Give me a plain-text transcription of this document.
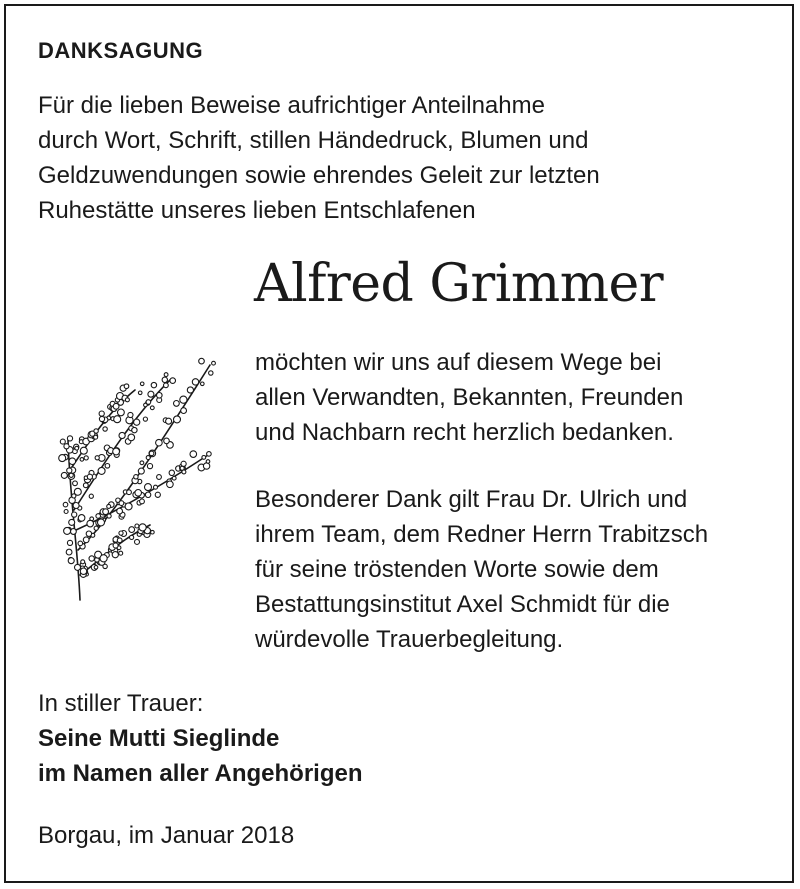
DANKSAGUNG
Für die lieben Beweise aufrichtiger Anteilnahme
durch Wort, Schrift, stillen Händedruck, Blumen und
Geldzuwendungen sowie ehrendes Geleit zur letzten
Ruhestätte unseres lieben Entschlafenen
Alfred Grimmer
möchten wir uns auf diesem Wege bei
allen Verwandten, Bekannten, Freunden
und Nachbarn recht herzlich bedanken.
Besonderer Dank gilt Frau Dr. Ulrich und
ihrem Team, dem Redner Herrn Trabitzsch
für seine tröstenden Worte sowie dem
Bestattungsinstitut Axel Schmidt für die
würdevolle Trauerbegleitung.
In stiller Trauer:
Seine Mutti Sieglinde
im Namen aller Angehörigen
Borgau, im Januar 2018
